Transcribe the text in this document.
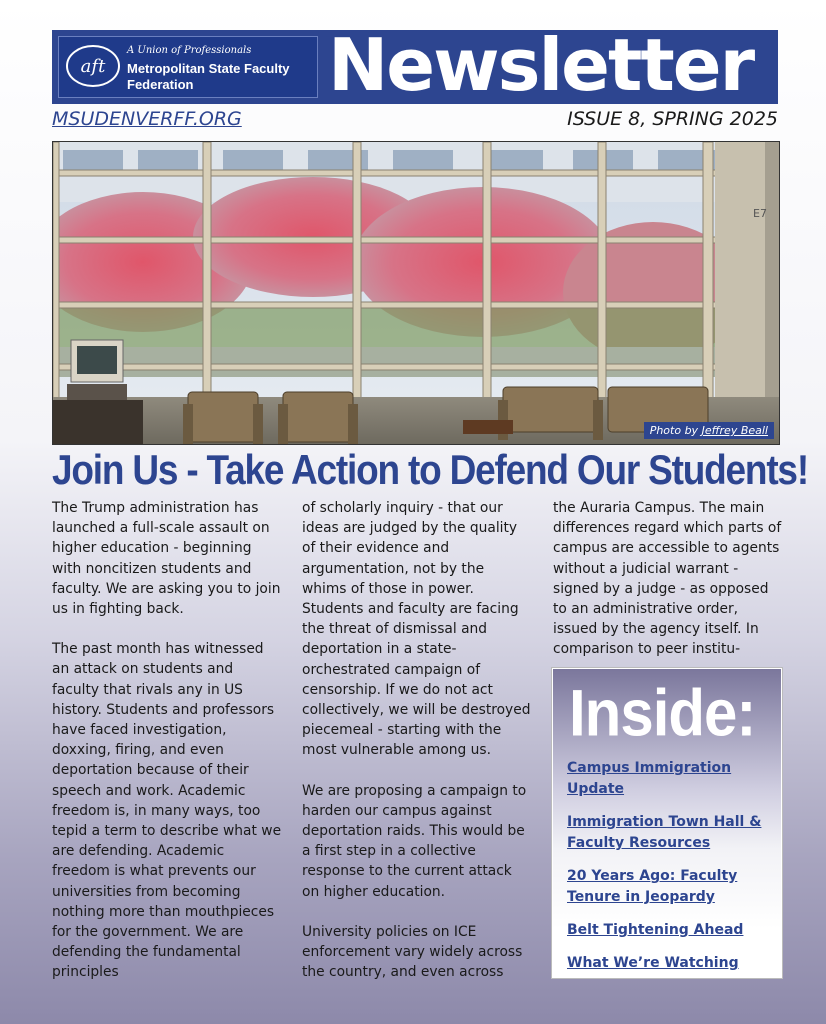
aft
A Union of Professionals
Metropolitan State Faculty Federation	Newsletter
MSUDENVERFF.ORG	ISSUE 8, SPRING 2025
E7
Photo by Jeffrey Beall
Join Us - Take Action to Defend Our Students!

The Trump administration has launched a full-scale assault on higher education - beginning with noncitizen students and faculty. We are asking you to join us in fighting back.

The past month has witnessed an attack on students and faculty that rivals any in US history. Students and professors have faced investigation, doxxing, firing, and even deportation because of their speech and work. Academic freedom is, in many ways, too tepid a term to describe what we are defending. Academic freedom is what prevents our universities from becoming nothing more than mouthpieces for the government. We are defending the fundamental principles

of scholarly inquiry - that our ideas are judged by the quality of their evidence and argumentation, not by the whims of those in power. Students and faculty are facing the threat of dismissal and deportation in a state-orchestrated campaign of censorship. If we do not act collectively, we will be destroyed piecemeal - starting with the most vulnerable among us.

We are proposing a campaign to harden our campus against deportation raids. This would be a first step in a collective response to the current attack on higher education.

University policies on ICE enforcement vary widely across the country, and even across

the Auraria Campus. The main differences regard which parts of campus are accessible to agents without a judicial warrant - signed by a judge - as opposed to an administrative order, issued by the agency itself. In comparison to peer institu-

Inside:
Campus Immigration Update
Immigration Town Hall & Faculty Resources
20 Years Ago: Faculty Tenure in Jeopardy
Belt Tightening Ahead
What We’re Watching
